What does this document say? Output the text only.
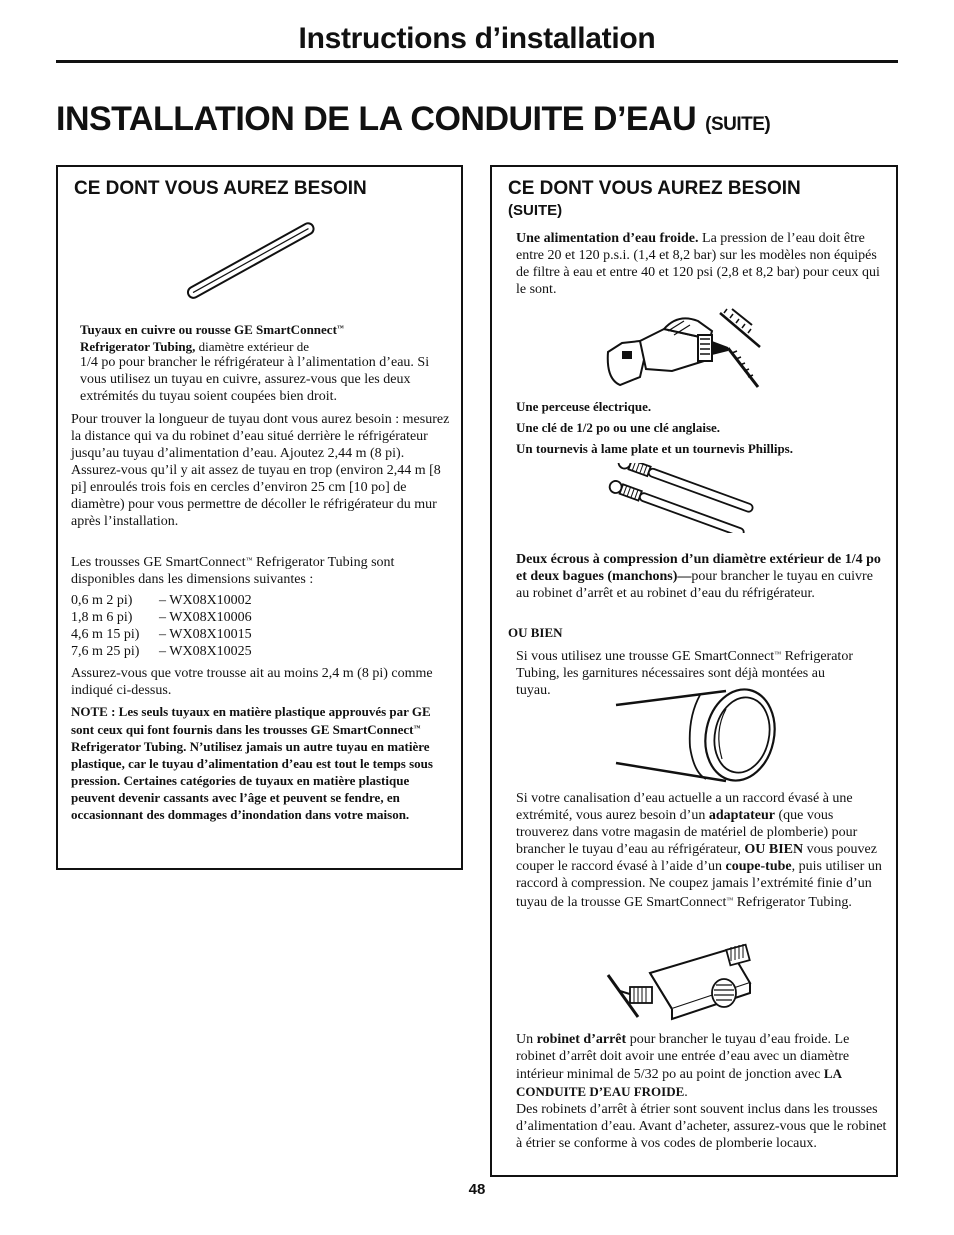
Instructions d’installation
INSTALLATION DE LA CONDUITE D’EAU (SUITE)
CE DONT VOUS AUREZ BESOIN

Tuyaux en cuivre ou rousse GE SmartConnect™
Refrigerator Tubing, diamètre extérieur de

1/4 po pour brancher le réfrigérateur à l’alimentation d’eau. Si vous utilisez un tuyau en cuivre, assurez-vous que les deux extrémités du tuyau soient coupées bien droit.
Pour trouver la longueur de tuyau dont vous aurez besoin : mesurez la distance qui va du robinet d’eau situé derrière le réfrigérateur jusqu’au tuyau d’alimentation d’eau. Ajoutez 2,44 m (8 pi). Assurez-vous qu’il y ait assez de tuyau en trop (environ 2,44 m [8 pi] enroulés trois fois en cercles d’environ 25 cm [10 po] de diamètre) pour vous permettre de décoller le réfrigérateur du mur après l’installation.
Les trousses GE SmartConnect™ Refrigerator Tubing sont disponibles dans les dimensions suivantes :
0,6 m 2 pi)	– WX08X10002
1,8 m 6 pi)	– WX08X10006
4,6 m 15 pi)	– WX08X10015
7,6 m 25 pi)	– WX08X10025
Assurez-vous que votre trousse ait au moins 2,4 m (8 pi) comme indiqué ci-dessus.
NOTE : Les seuls tuyaux en matière plastique approuvés par GE sont ceux qui font fournis dans les trousses GE SmartConnect™ Refrigerator Tubing. N’utilisez jamais un autre tuyau en matière plastique, car le tuyau d’alimentation d’eau est tout le temps sous pression. Certaines catégories de tuyaux en matière plastique peuvent devenir cassants avec l’âge et peuvent se fendre, en occasionnant des dommages d’inondation dans votre maison.
CE DONT VOUS AUREZ BESOIN
(SUITE)
Une alimentation d’eau froide. La pression de l’eau doit être entre 20 et 120 p.s.i. (1,4 et 8,2 bar) sur les modèles non équipés de filtre à eau et entre 40 et 120 psi (2,8 et 8,2 bar) pour ceux qui le sont.
Une perceuse électrique.
Une clé de 1/2 po ou une clé anglaise.
Un tournevis à lame plate et un tournevis Phillips.
Deux écrous à compression d’un diamètre extérieur de 1/4 po et deux bagues (manchons)—pour brancher le tuyau en cuivre au robinet d’arrêt et au robinet d’eau du réfrigérateur.
OU BIEN
Si vous utilisez une trousse GE SmartConnect™ Refrigerator Tubing, les garnitures nécessaires sont déjà montées au tuyau.
Si votre canalisation d’eau actuelle a un raccord évasé à une extrémité, vous aurez besoin d’un adaptateur (que vous trouverez dans votre magasin de matériel de plomberie) pour brancher le tuyau d’eau au réfrigérateur, OU BIEN vous pouvez couper le raccord évasé à l’aide d’un coupe-tube, puis utiliser un raccord à compression. Ne coupez jamais l’extrémité finie d’un tuyau de la trousse GE SmartConnect™ Refrigerator Tubing.
Un robinet d’arrêt pour brancher le tuyau d’eau froide. Le robinet d’arrêt doit avoir une entrée d’eau avec un diamètre intérieur minimal de 5/32 po au point de jonction avec LA CONDUITE D’EAU FROIDE.
Des robinets d’arrêt à étrier sont souvent inclus dans les trousses d’alimentation d’eau. Avant d’acheter, assurez-vous que le robinet à étrier se conforme à vos codes de plomberie locaux.
48
